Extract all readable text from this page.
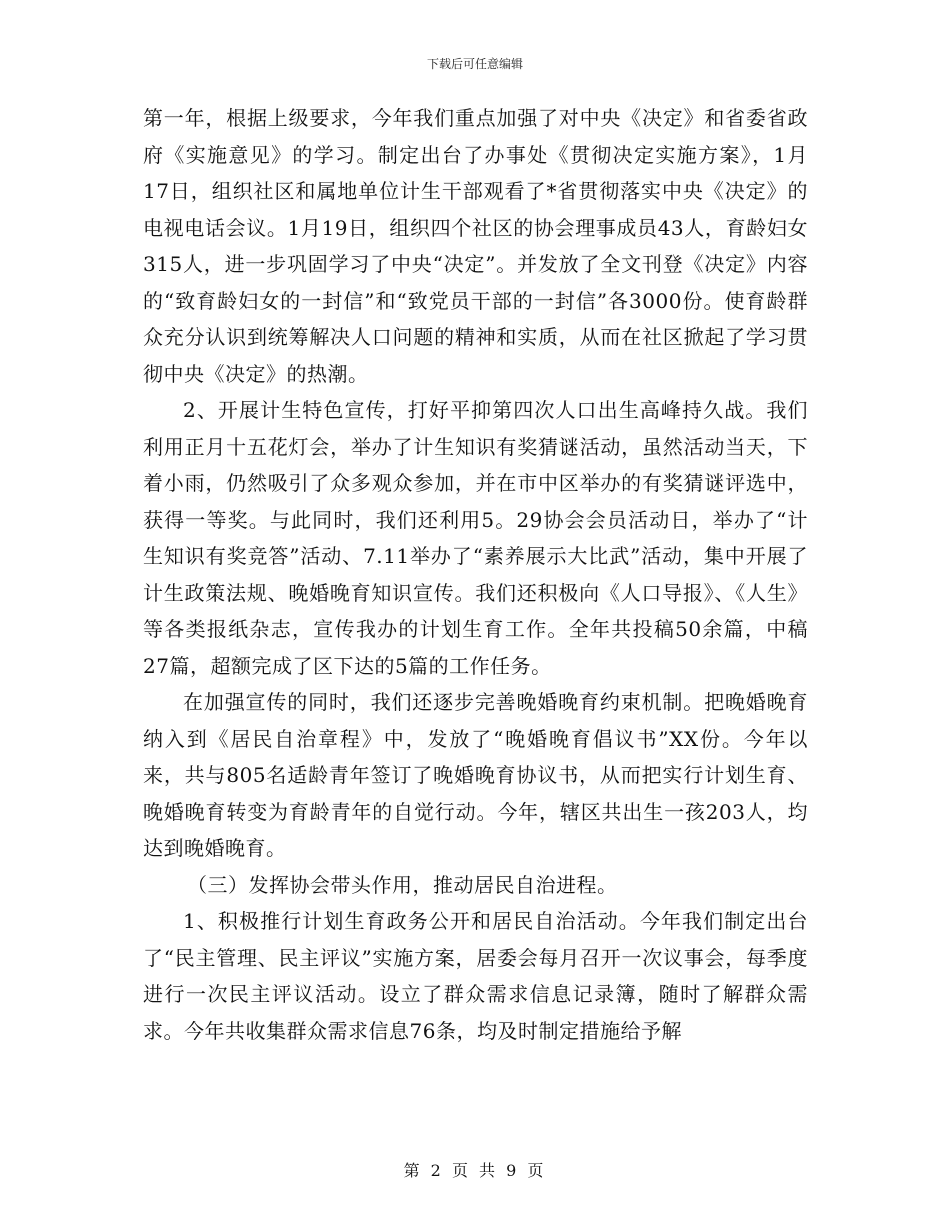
下载后可任意编辑

第一年，根据上级要求，今年我们重点加强了对中央《决定》和省委省政府《实施意见》的学习。制定出台了办事处《贯彻决定实施方案》，1月17日，组织社区和属地单位计生干部观看了*省贯彻落实中央《决定》的电视电话会议。1月19日，组织四个社区的协会理事成员43人，育龄妇女315人，进一步巩固学习了中央“决定”。并发放了全文刊登《决定》内容的“致育龄妇女的一封信”和“致党员干部的一封信”各3000份。使育龄群众充分认识到统筹解决人口问题的精神和实质，从而在社区掀起了学习贯彻中央《决定》的热潮。

2、开展计生特色宣传，打好平抑第四次人口出生高峰持久战。我们利用正月十五花灯会，举办了计生知识有奖猜谜活动，虽然活动当天，下着小雨，仍然吸引了众多观众参加，并在市中区举办的有奖猜谜评选中，获得一等奖。与此同时，我们还利用5。29协会会员活动日，举办了“计生知识有奖竞答”活动、7.11举办了“素养展示大比武”活动，集中开展了计生政策法规、晚婚晚育知识宣传。我们还积极向《人口导报》、《人生》等各类报纸杂志，宣传我办的计划生育工作。全年共投稿50余篇，中稿27篇，超额完成了区下达的5篇的工作任务。

在加强宣传的同时，我们还逐步完善晚婚晚育约束机制。把晚婚晚育纳入到《居民自治章程》中，发放了“晚婚晚育倡议书”XX份。今年以来，共与805名适龄青年签订了晚婚晚育协议书，从而把实行计划生育、晚婚晚育转变为育龄青年的自觉行动。今年，辖区共出生一孩203人，均达到晚婚晚育。

（三）发挥协会带头作用，推动居民自治进程。

1、积极推行计划生育政务公开和居民自治活动。今年我们制定出台了“民主管理、民主评议”实施方案，居委会每月召开一次议事会，每季度进行一次民主评议活动。设立了群众需求信息记录簿，随时了解群众需求。今年共收集群众需求信息76条，均及时制定措施给予解

第 2 页 共 9 页
